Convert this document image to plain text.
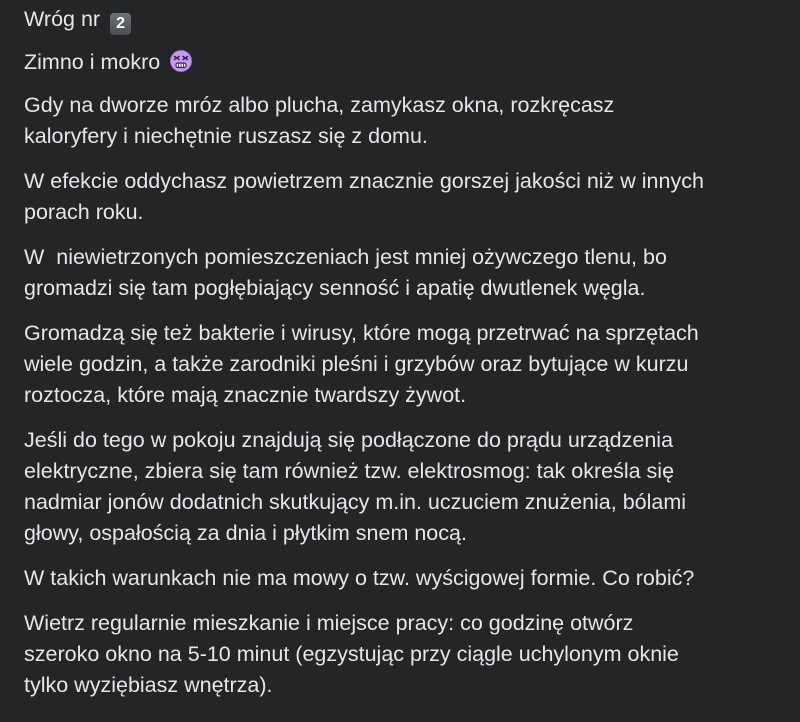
Wróg nr 2
Zimno i mokro
Gdy na dworze mróz albo plucha, zamykasz okna, rozkręcasz
kaloryfery i niechętnie ruszasz się z domu.
W efekcie oddychasz powietrzem znacznie gorszej jakości niż w innych
porach roku.
W  niewietrzonych pomieszczeniach jest mniej ożywczego tlenu, bo
gromadzi się tam pogłębiający senność i apatię dwutlenek węgla.
Gromadzą się też bakterie i wirusy, które mogą przetrwać na sprzętach
wiele godzin, a także zarodniki pleśni i grzybów oraz bytujące w kurzu
roztocza, które mają znacznie twardszy żywot.
Jeśli do tego w pokoju znajdują się podłączone do prądu urządzenia
elektryczne, zbiera się tam również tzw. elektrosmog: tak określa się
nadmiar jonów dodatnich skutkujący m.in. uczuciem znużenia, bólami
głowy, ospałością za dnia i płytkim snem nocą.
W takich warunkach nie ma mowy o tzw. wyścigowej formie. Co robić?
Wietrz regularnie mieszkanie i miejsce pracy: co godzinę otwórz
szeroko okno na 5-10 minut (egzystując przy ciągle uchylonym oknie
tylko wyziębiasz wnętrza).
